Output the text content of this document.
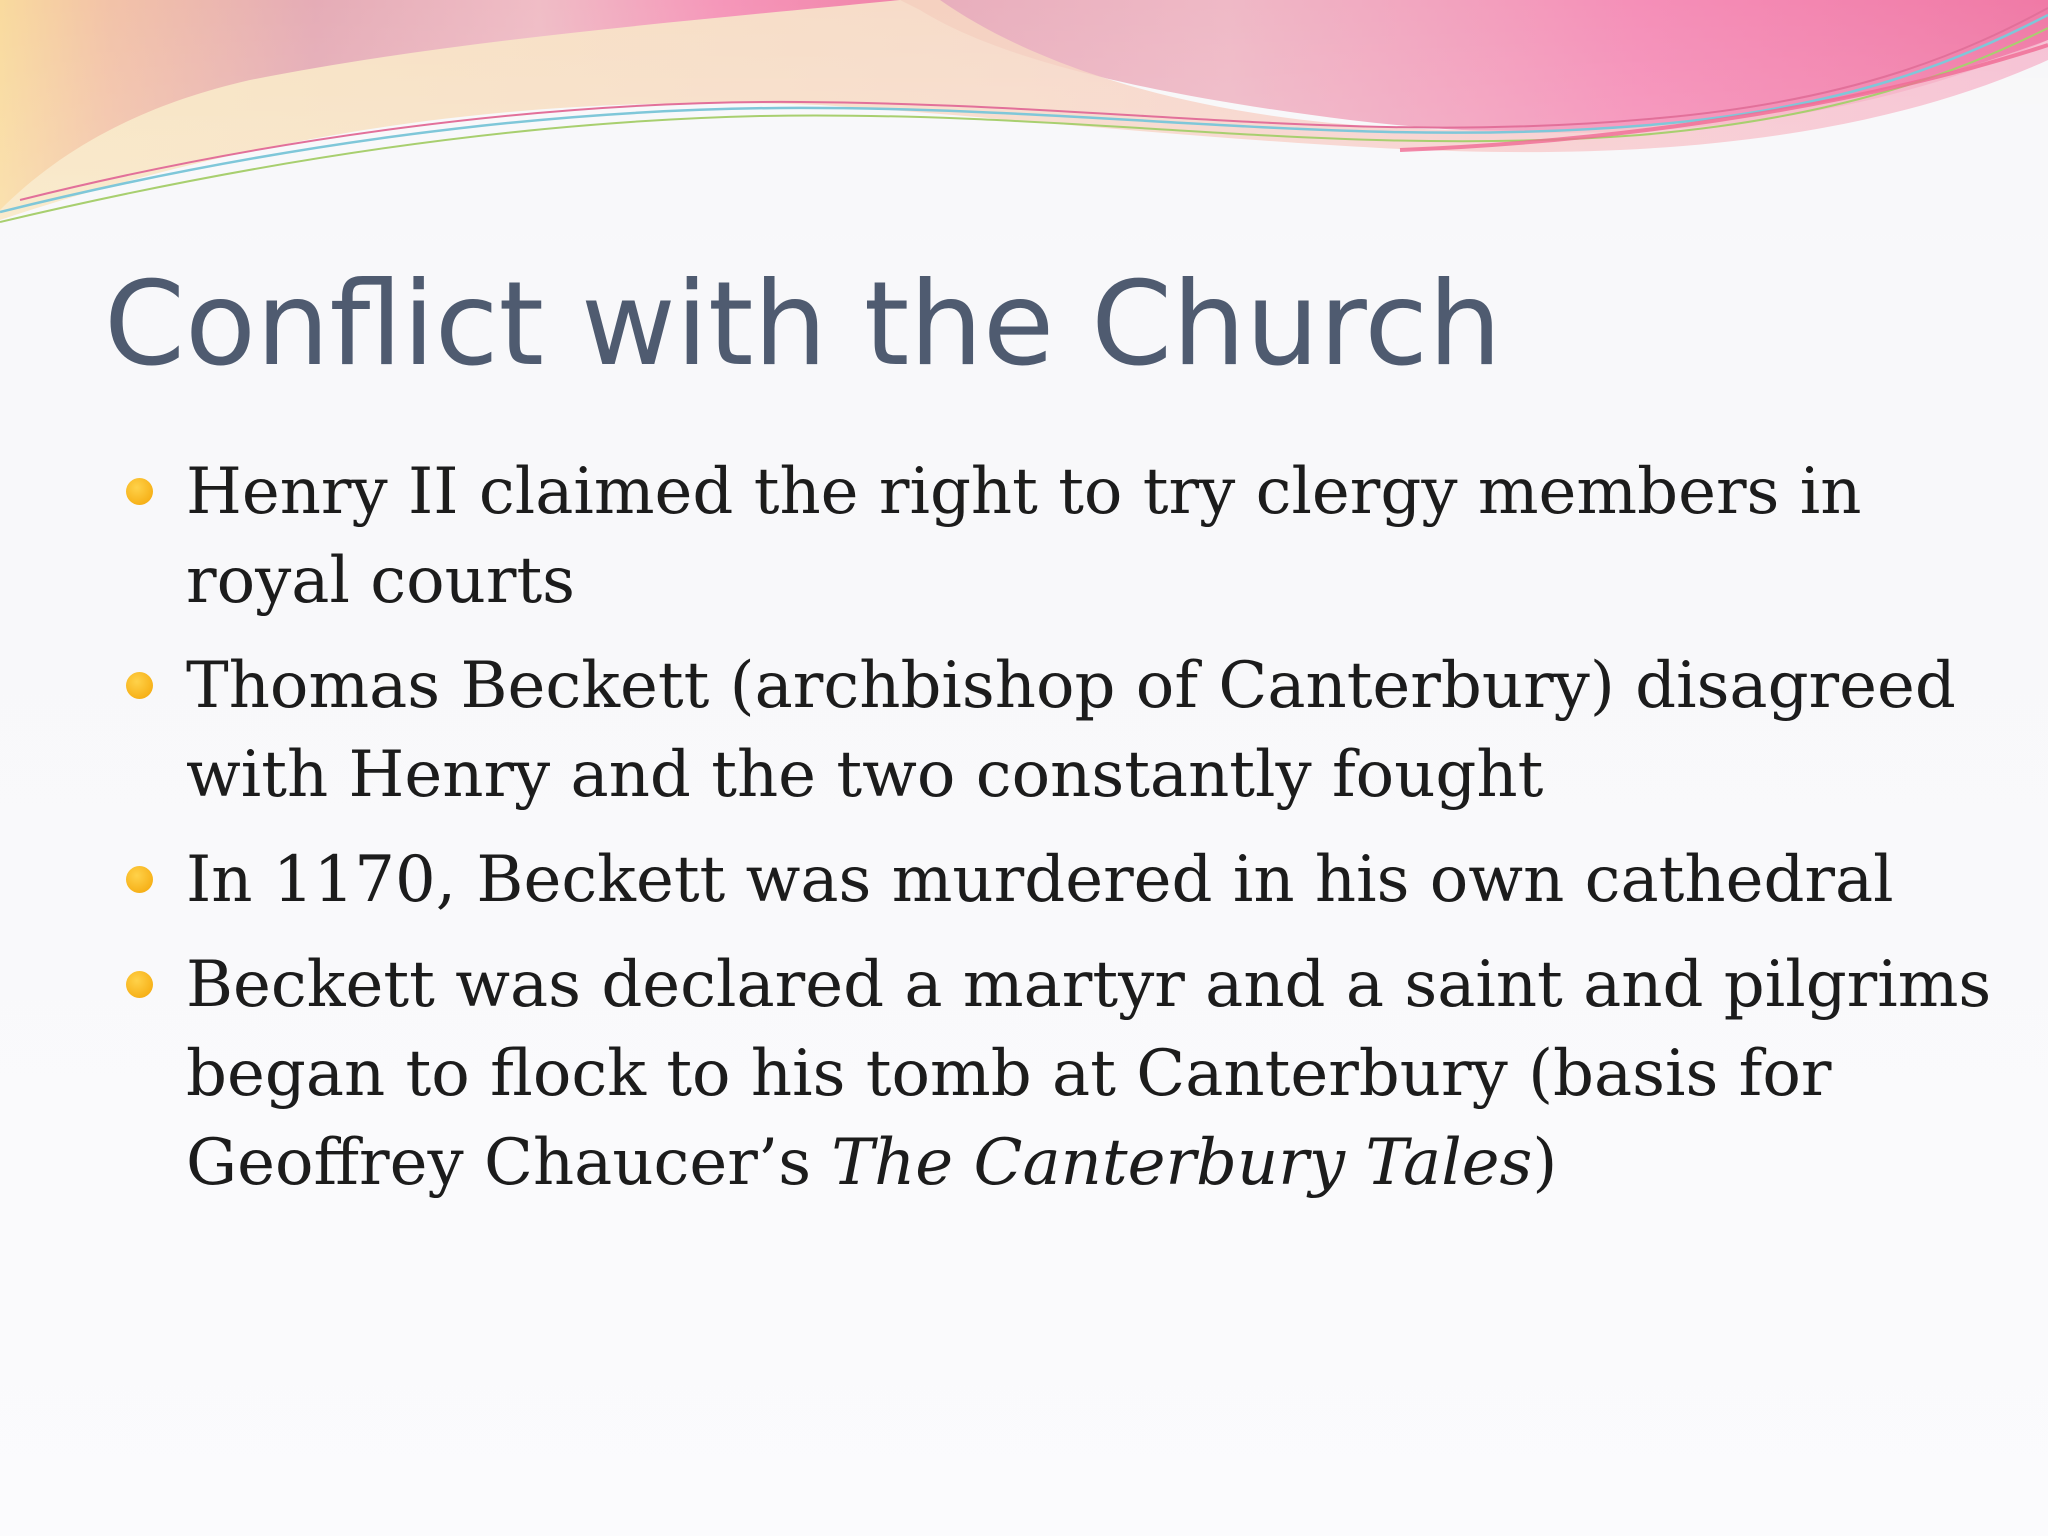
Conflict with the Church
Henry II claimed the right to try clergy members in
royal courts
Thomas Beckett (archbishop of Canterbury) disagreed
with Henry and the two constantly fought
In 1170, Beckett was murdered in his own cathedral
Beckett was declared a martyr and a saint and pilgrims
began to flock to his tomb at Canterbury (basis for
Geoffrey Chaucer’s The Canterbury Tales)
